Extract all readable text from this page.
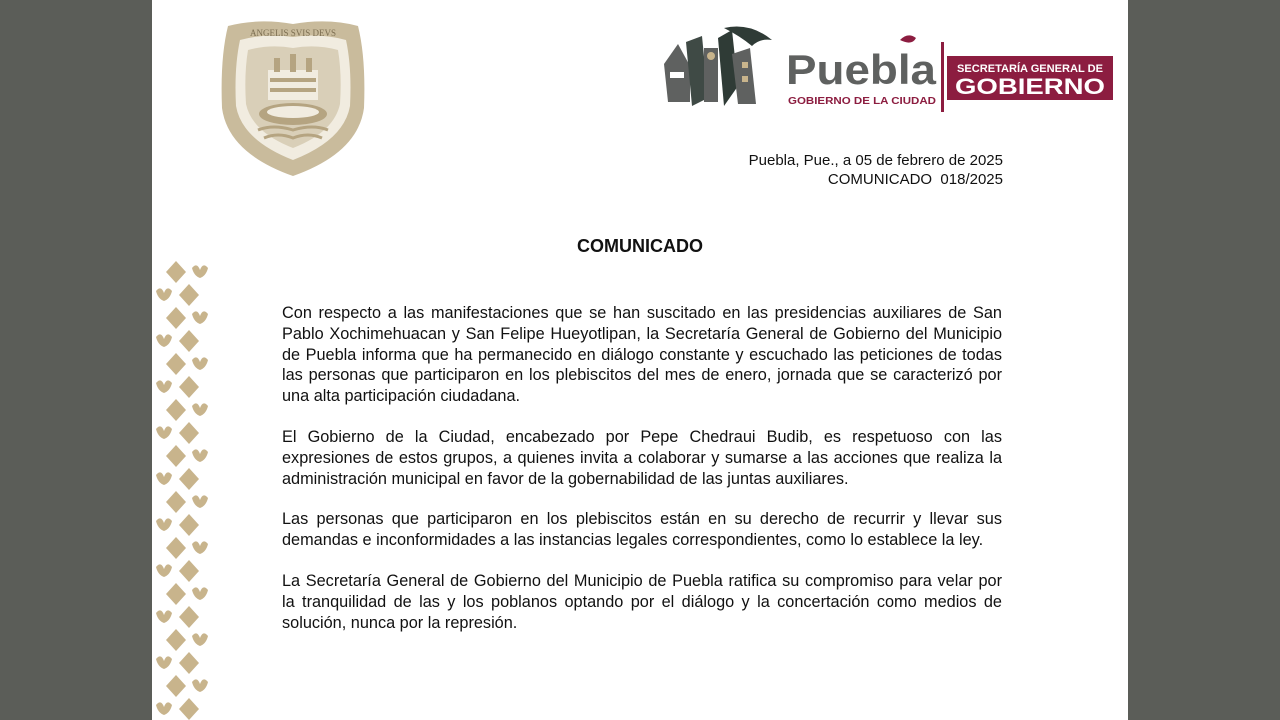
ANGELIS SVIS DEVS
Puebla
GOBIERNO DE LA CIUDAD
SECRETARÍA GENERAL DE
GOBIERNO
Puebla, Pue., a 05 de febrero de 2025
COMUNICADO  018/2025
COMUNICADO

Con respecto a las manifestaciones que se han suscitado en las presidencias auxiliares de San Pablo Xochimehuacan y San Felipe Hueyotlipan, la Secretaría General de Gobierno del Municipio de Puebla informa que ha permanecido en diálogo constante y escuchado las peticiones de todas las personas que participaron en los plebiscitos del mes de enero, jornada que se caracterizó por una alta participación ciudadana.

El Gobierno de la Ciudad, encabezado por Pepe Chedraui Budib, es respetuoso con las expresiones de estos grupos, a quienes invita a colaborar y sumarse a las acciones que realiza la administración municipal en favor de la gobernabilidad de las juntas auxiliares.

Las personas que participaron en los plebiscitos están en su derecho de recurrir y llevar sus demandas e inconformidades a las instancias legales correspondientes, como lo establece la ley.

La Secretaría General de Gobierno del Municipio de Puebla ratifica su compromiso para velar por la tranquilidad de las y los poblanos optando por el diálogo y la concertación como medios de solución, nunca por la represión.
